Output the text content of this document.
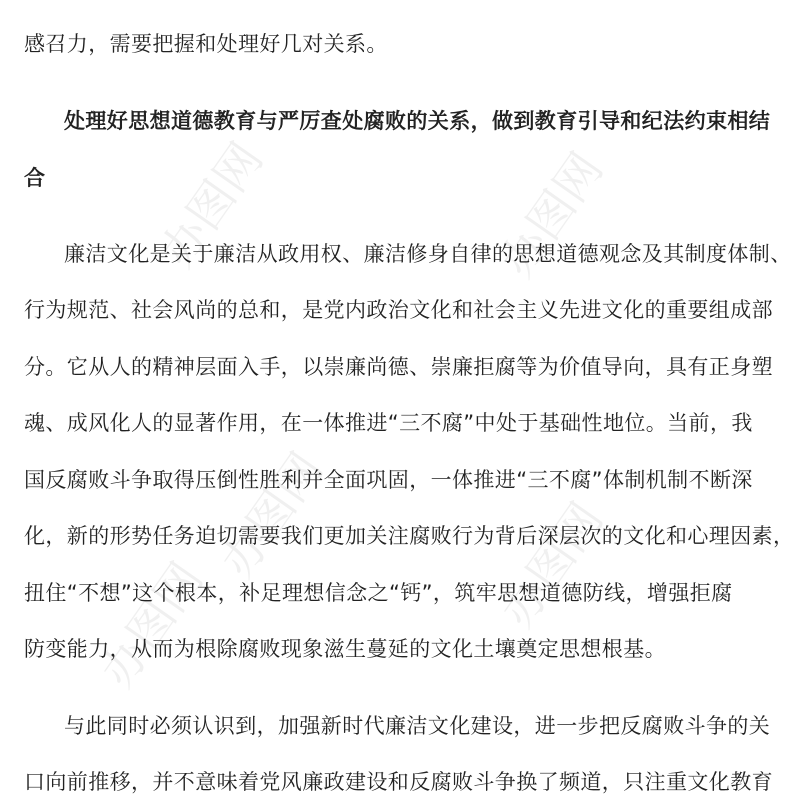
办图网	办图网
办图网	办图网
办图网
感召力，需要把握和处理好几对关系。
处理好思想道德教育与严厉查处腐败的关系，做到教育引导和纪法约束相结
合
廉洁文化是关于廉洁从政用权、廉洁修身自律的思想道德观念及其制度体制、
行为规范、社会风尚的总和，是党内政治文化和社会主义先进文化的重要组成部
分。它从人的精神层面入手，以崇廉尚德、崇廉拒腐等为价值导向，具有正身塑
魂、成风化人的显著作用，在一体推进“三不腐”中处于基础性地位。当前，我
国反腐败斗争取得压倒性胜利并全面巩固，一体推进“三不腐”体制机制不断深
化，新的形势任务迫切需要我们更加关注腐败行为背后深层次的文化和心理因素，
扭住“不想”这个根本，补足理想信念之“钙”，筑牢思想道德防线，增强拒腐
防变能力，从而为根除腐败现象滋生蔓延的文化土壤奠定思想根基。
与此同时必须认识到，加强新时代廉洁文化建设，进一步把反腐败斗争的关
口向前推移，并不意味着党风廉政建设和反腐败斗争换了频道，只注重文化教育
